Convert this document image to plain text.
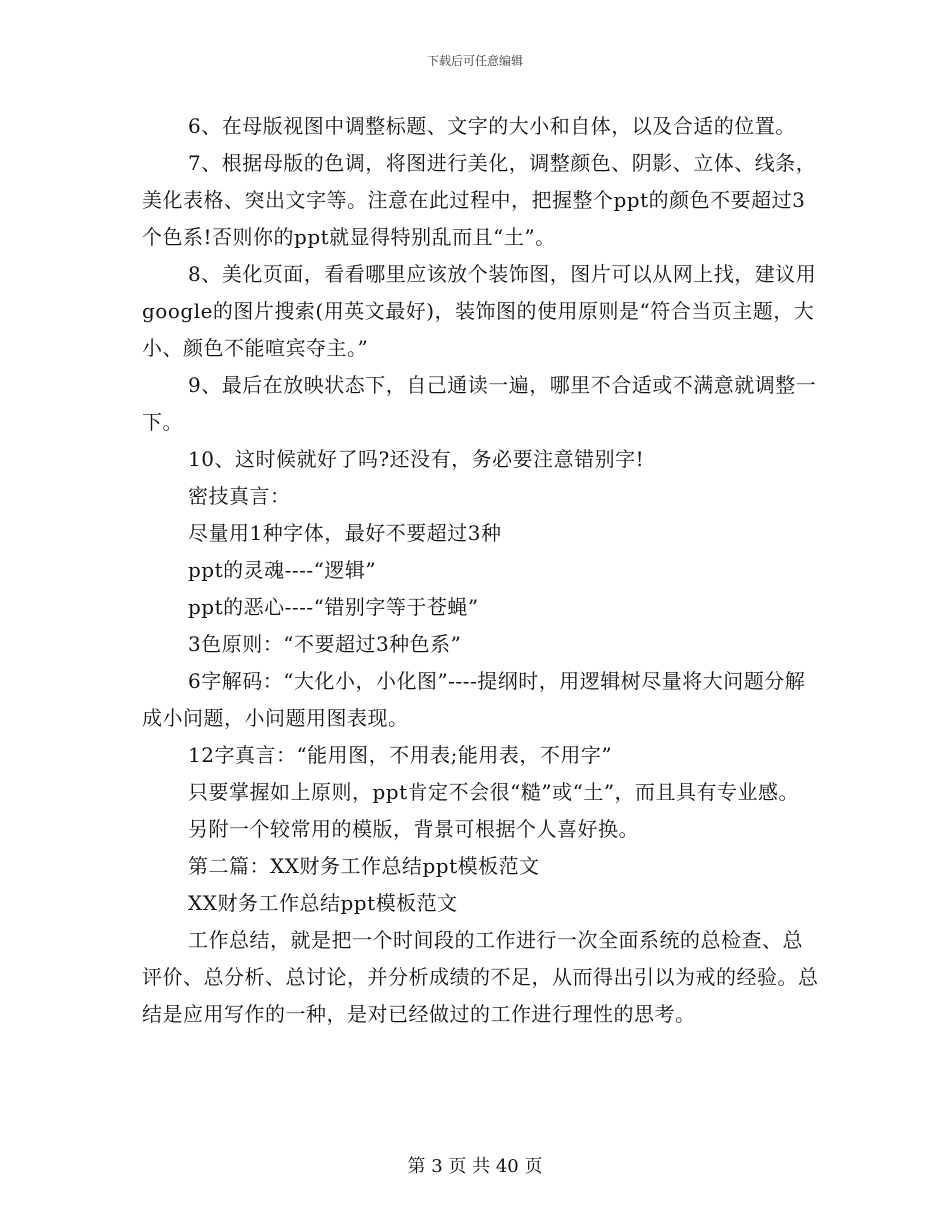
下载后可任意编辑

6、在母版视图中调整标题、文字的大小和自体，以及合适的位置。

7、根据母版的色调，将图进行美化，调整颜色、阴影、立体、线条，美化表格、突出文字等。注意在此过程中，把握整个ppt的颜色不要超过3个色系!否则你的ppt就显得特别乱而且“土”。

8、美化页面，看看哪里应该放个装饰图，图片可以从网上找，建议用google的图片搜索(用英文最好)，装饰图的使用原则是“符合当页主题，大小、颜色不能喧宾夺主。”

9、最后在放映状态下，自己通读一遍，哪里不合适或不满意就调整一下。

10、这时候就好了吗?还没有，务必要注意错别字!

密技真言：

尽量用1种字体，最好不要超过3种

ppt的灵魂----“逻辑”

ppt的恶心----“错别字等于苍蝇”

3色原则：“不要超过3种色系”

6字解码：“大化小，小化图”----提纲时，用逻辑树尽量将大问题分解成小问题，小问题用图表现。

12字真言：“能用图，不用表;能用表，不用字”

只要掌握如上原则，ppt肯定不会很“糙”或“土”，而且具有专业感。

另附一个较常用的模版，背景可根据个人喜好换。

第二篇：XX财务工作总结ppt模板范文

XX财务工作总结ppt模板范文

工作总结，就是把一个时间段的工作进行一次全面系统的总检查、总评价、总分析、总讨论，并分析成绩的不足，从而得出引以为戒的经验。总结是应用写作的一种，是对已经做过的工作进行理性的思考。

第 3 页 共 40 页
